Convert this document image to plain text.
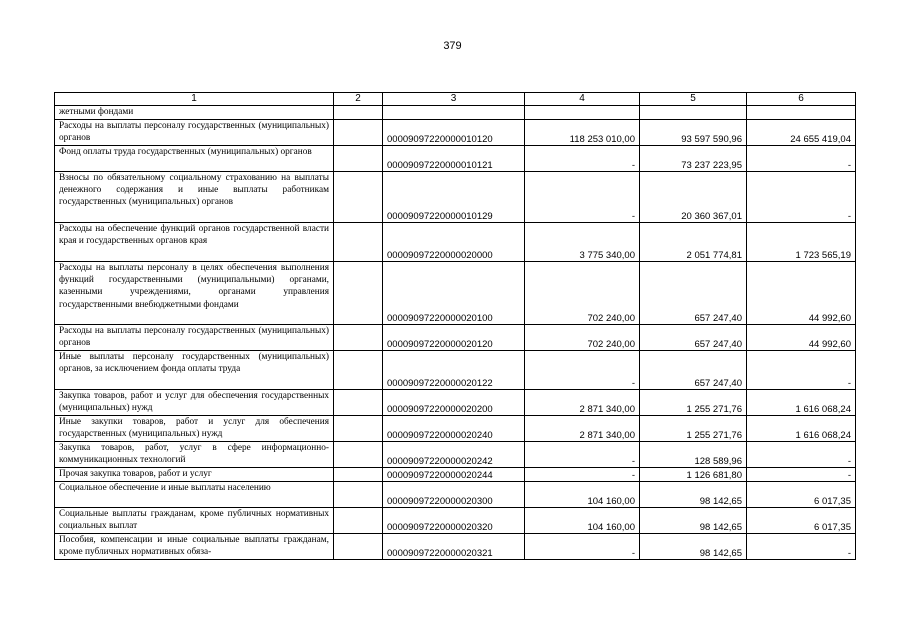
379
1	2	3	4	5	6
жетными фондами					
Расходы на выплаты персоналу государственных (муниципальных) органов		00009097220000010120	118 253 010,00	93 597 590,96	24 655 419,04
Фонд оплаты труда государственных (муниципальных) органов		00009097220000010121	-	73 237 223,95	-
Взносы по обязательному социальному страхованию на выплаты денежного содержания и иные выплаты работникам государственных (муниципальных) органов		00009097220000010129	-	20 360 367,01	-
Расходы на обеспечение функций органов государственной власти края и государственных органов края		00009097220000020000	3 775 340,00	2 051 774,81	1 723 565,19
Расходы на выплаты персоналу в целях обеспечения выполнения функций государственными (муниципальными) органами, казенными учреждениями, органами управления государственными внебюджетными фондами		00009097220000020100	702 240,00	657 247,40	44 992,60
Расходы на выплаты персоналу государственных (муниципальных) органов		00009097220000020120	702 240,00	657 247,40	44 992,60
Иные выплаты персоналу государственных (муниципальных) органов, за исключением фонда оплаты труда		00009097220000020122	-	657 247,40	-
Закупка товаров, работ и услуг для обеспечения государственных (муниципальных) нужд		00009097220000020200	2 871 340,00	1 255 271,76	1 616 068,24
Иные закупки товаров, работ и услуг для обеспечения государственных (муниципальных) нужд		00009097220000020240	2 871 340,00	1 255 271,76	1 616 068,24
Закупка товаров, работ, услуг в сфере информационно-коммуникационных технологий		00009097220000020242	-	128 589,96	-
Прочая закупка товаров, работ и услуг		00009097220000020244	-	1 126 681,80	-
Социальное обеспечение и иные выплаты населению		00009097220000020300	104 160,00	98 142,65	6 017,35
Социальные выплаты гражданам, кроме публичных нормативных социальных выплат		00009097220000020320	104 160,00	98 142,65	6 017,35
Пособия, компенсации и иные социальные выплаты гражданам, кроме публичных нормативных обяза-		00009097220000020321	-	98 142,65	-
